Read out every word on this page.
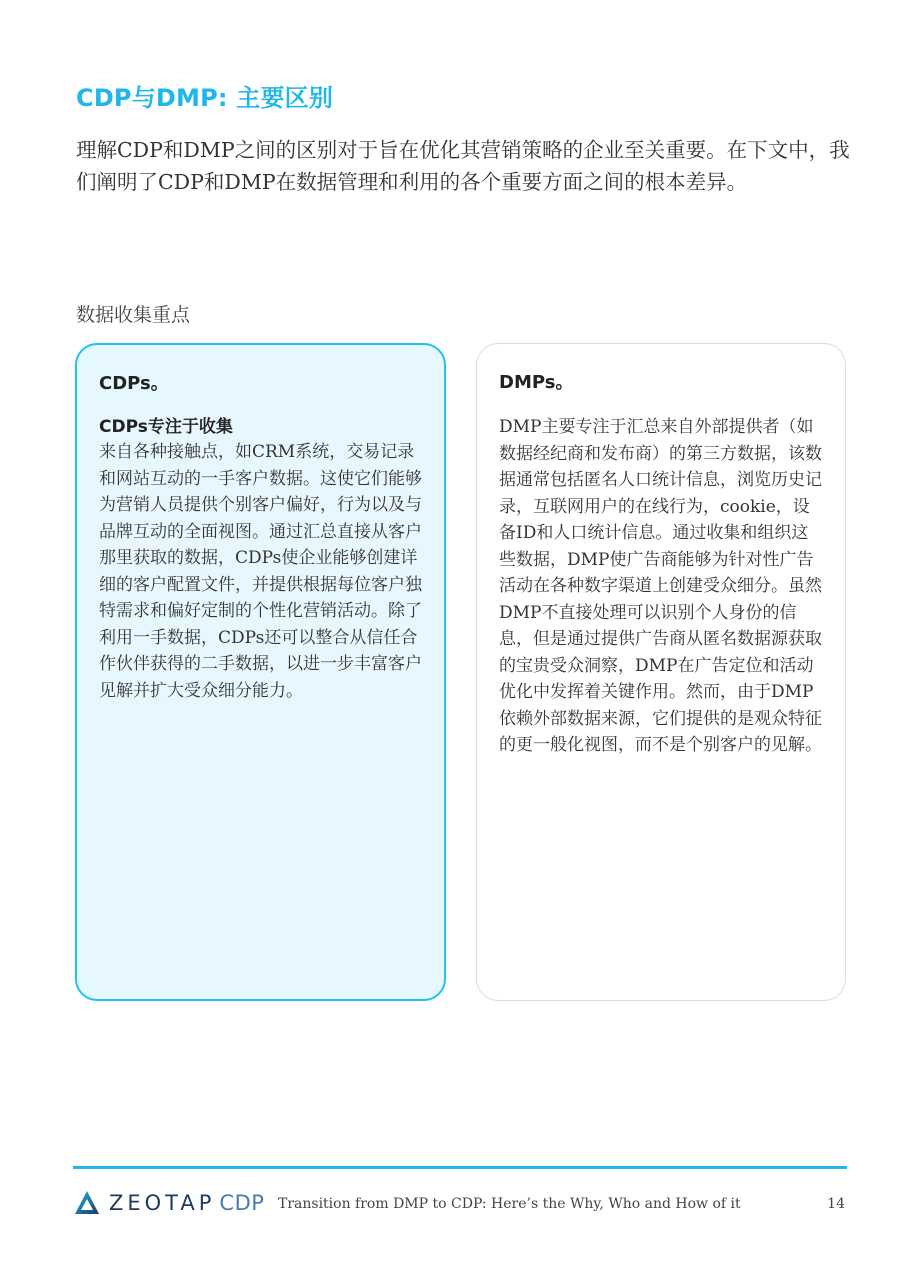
CDP与DMP: 主要区别
理解CDP和DMP之间的区别对于旨在优化其营销策略的企业至关重要。在下文中，我们阐明了CDP和DMP在数据管理和利用的各个重要方面之间的根本差异。
数据收集重点
CDPs。
CDPs专注于收集
来自各种接触点，如CRM系统，交易记录和网站互动的一手客户数据。这使它们能够为营销人员提供个别客户偏好，行为以及与品牌互动的全面视图。通过汇总直接从客户那里获取的数据，CDPs使企业能够创建详细的客户配置文件，并提供根据每位客户独特需求和偏好定制的个性化营销活动。除了利用一手数据，CDPs还可以整合从信任合作伙伴获得的二手数据，以进一步丰富客户见解并扩大受众细分能力。
DMPs。
DMP主要专注于汇总来自外部提供者（如数据经纪商和发布商）的第三方数据，该数据通常包括匿名人口统计信息，浏览历史记录，互联网用户的在线行为，cookie，设备ID和人口统计信息。通过收集和组织这些数据，DMP使广告商能够为针对性广告活动在各种数字渠道上创建受众细分。虽然DMP不直接处理可以识别个人身份的信息，但是通过提供广告商从匿名数据源获取的宝贵受众洞察，DMP在广告定位和活动优化中发挥着关键作用。然而，由于DMP依赖外部数据来源，它们提供的是观众特征的更一般化视图，而不是个别客户的见解。
ZEOTAP CDP Transition from DMP to CDP: Here’s the Why, Who and How of it	14
